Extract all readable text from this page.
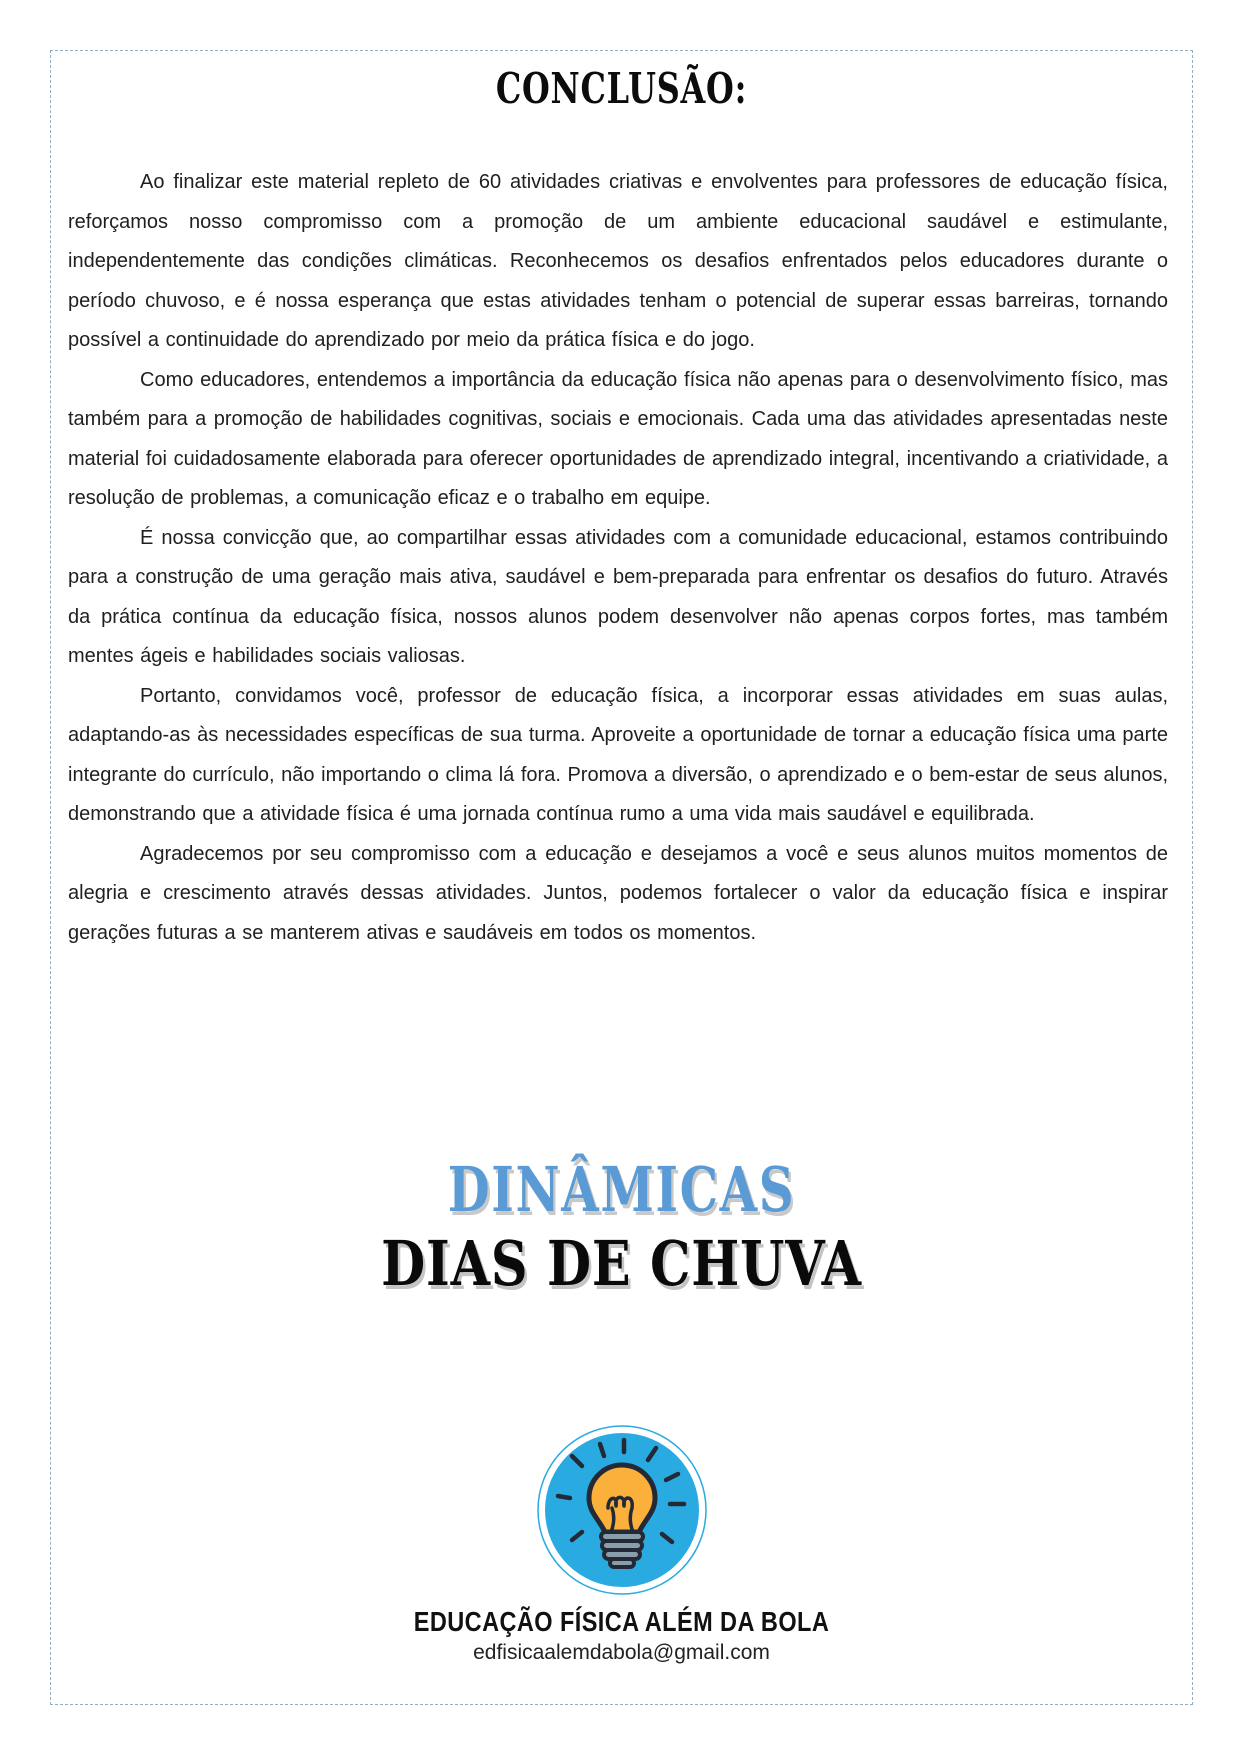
CONCLUSÃO:

Ao finalizar este material repleto de 60 atividades criativas e envolventes para professores de educação física, reforçamos nosso compromisso com a promoção de um ambiente educacional saudável e estimulante, independentemente das condições climáticas. Reconhecemos os desafios enfrentados pelos educadores durante o período chuvoso, e é nossa esperança que estas atividades tenham o potencial de superar essas barreiras, tornando possível a continuidade do aprendizado por meio da prática física e do jogo.

Como educadores, entendemos a importância da educação física não apenas para o desenvolvimento físico, mas também para a promoção de habilidades cognitivas, sociais e emocionais. Cada uma das atividades apresentadas neste material foi cuidadosamente elaborada para oferecer oportunidades de aprendizado integral, incentivando a criatividade, a resolução de problemas, a comunicação eficaz e o trabalho em equipe.

É nossa convicção que, ao compartilhar essas atividades com a comunidade educacional, estamos contribuindo para a construção de uma geração mais ativa, saudável e bem-preparada para enfrentar os desafios do futuro. Através da prática contínua da educação física, nossos alunos podem desenvolver não apenas corpos fortes, mas também mentes ágeis e habilidades sociais valiosas.

Portanto, convidamos você, professor de educação física, a incorporar essas atividades em suas aulas, adaptando-as às necessidades específicas de sua turma. Aproveite a oportunidade de tornar a educação física uma parte integrante do currículo, não importando o clima lá fora. Promova a diversão, o aprendizado e o bem-estar de seus alunos, demonstrando que a atividade física é uma jornada contínua rumo a uma vida mais saudável e equilibrada.

Agradecemos por seu compromisso com a educação e desejamos a você e seus alunos muitos momentos de alegria e crescimento através dessas atividades. Juntos, podemos fortalecer o valor da educação física e inspirar gerações futuras a se manterem ativas e saudáveis em todos os momentos.

DINÂMICAS
DIAS DE CHUVA
EDUCAÇÃO FÍSICA ALÉM DA BOLA
edfisicaalemdabola@gmail.com
